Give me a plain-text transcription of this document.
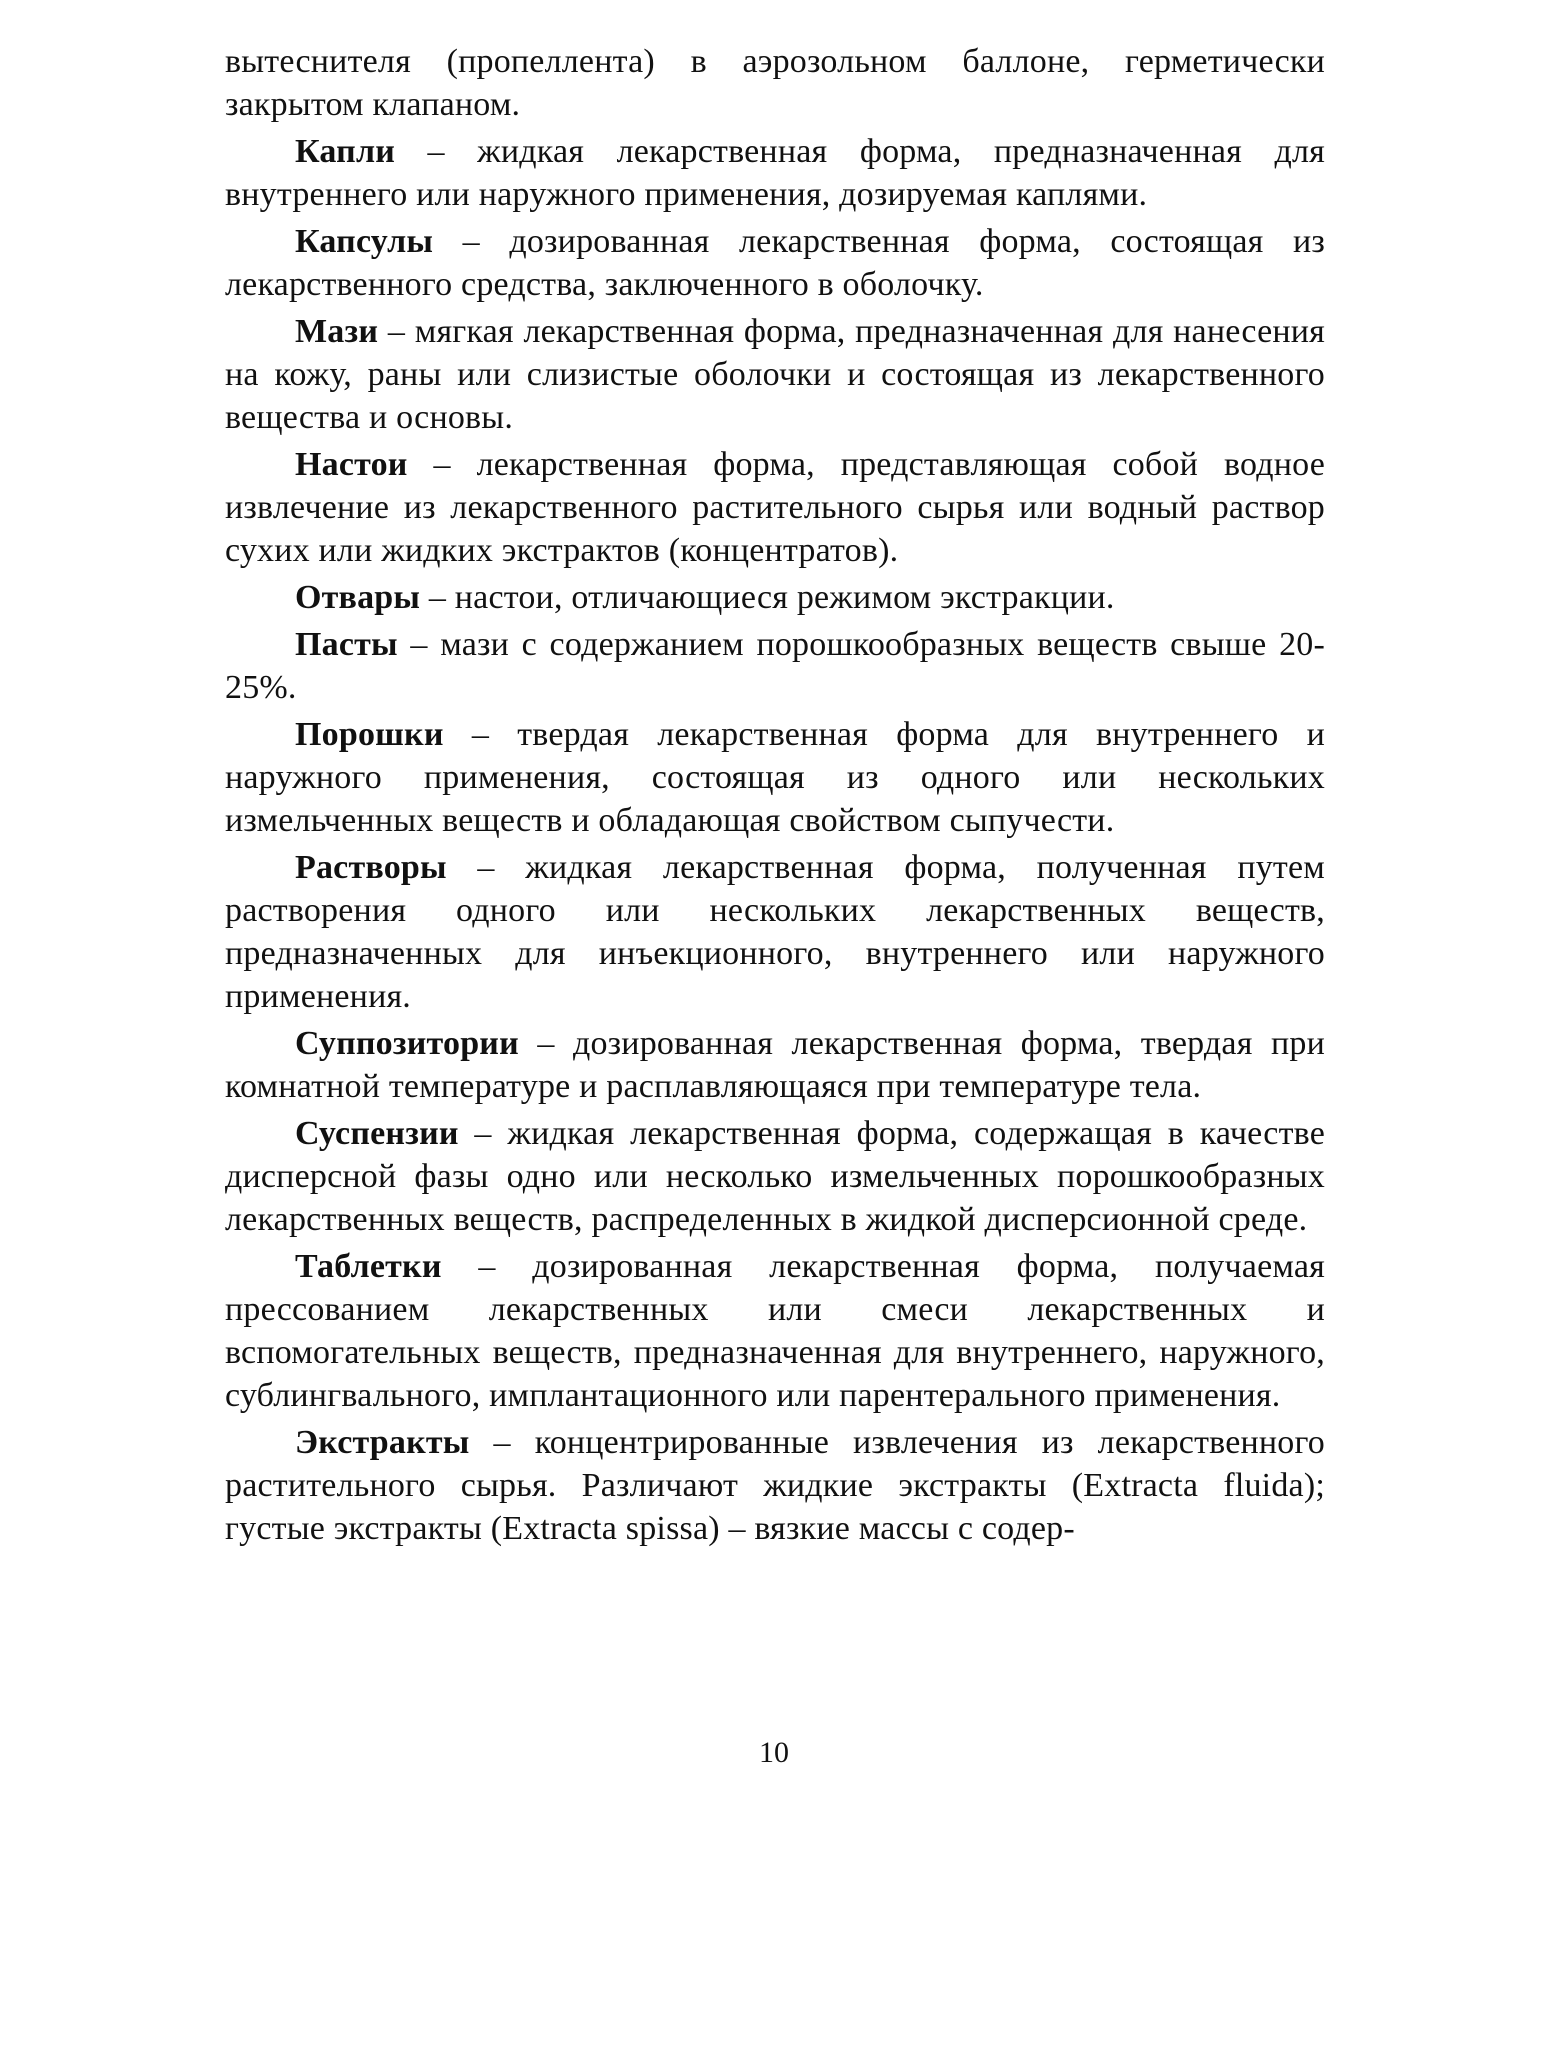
вытеснителя (пропеллента) в аэрозольном баллоне, герметически закрытом клапаном.

Капли – жидкая лекарственная форма, предназначенная для внутреннего или наружного применения, дозируемая каплями.

Капсулы – дозированная лекарственная форма, состоящая из лекарственного средства, заключенного в оболочку.

Мази – мягкая лекарственная форма, предназначенная для нанесения на кожу, раны или слизистые оболочки и состоящая из лекарственного вещества и основы.

Настои – лекарственная форма, представляющая собой водное извлечение из лекарственного растительного сырья или водный раствор сухих или жидких экстрактов (концентратов).

Отвары – настои, отличающиеся режимом экстракции.

Пасты – мази с содержанием порошкообразных веществ свыше 20-25%.

Порошки – твердая лекарственная форма для внутреннего и наружного применения, состоящая из одного или нескольких измельченных веществ и обладающая свойством сыпучести.

Растворы – жидкая лекарственная форма, полученная путем растворения одного или нескольких лекарственных веществ, предназначенных для инъекционного, внутреннего или наружного применения.

Суппозитории – дозированная лекарственная форма, твердая при комнатной температуре и расплавляющаяся при температуре тела.

Суспензии – жидкая лекарственная форма, содержащая в качестве дисперсной фазы одно или несколько измельченных порошкообразных лекарственных веществ, распределенных в жидкой дисперсионной среде.

Таблетки – дозированная лекарственная форма, получаемая прессованием лекарственных или смеси лекарственных и вспомогательных веществ, предназначенная для внутреннего, наружного, сублингвального, имплантационного или парентерального применения.

Экстракты – концентрированные извлечения из лекарственного растительного сырья. Различают жидкие экстракты (Extracta fluida); густые экстракты (Extracta spissa) – вязкие массы с содер-

10
